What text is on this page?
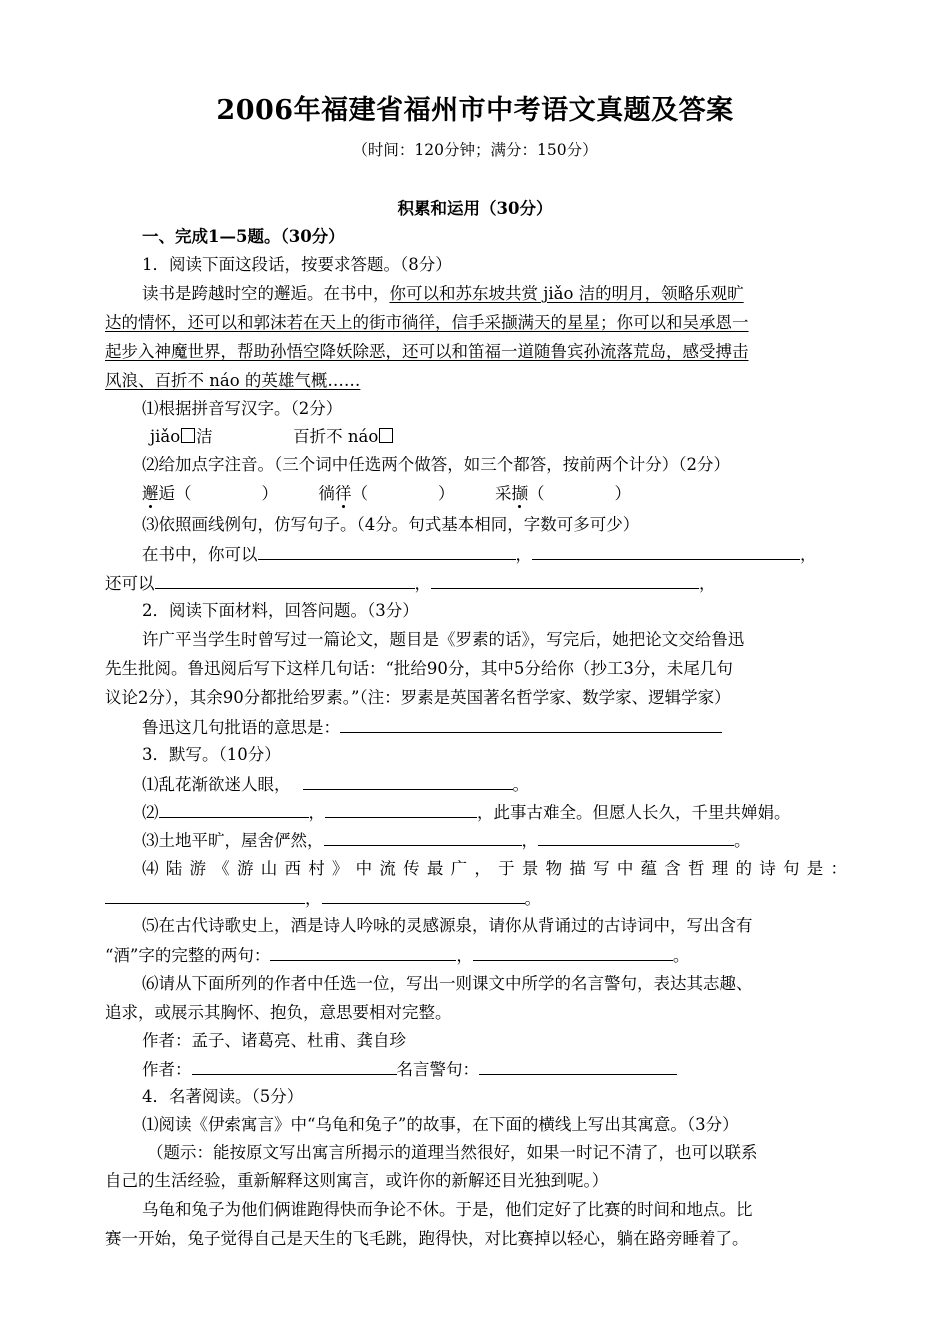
2006年福建省福州市中考语文真题及答案
（时间：120分钟；满分：150分）
积累和运用（30分）
一、完成1—5题。（30分）
1．阅读下面这段话，按要求答题。（8分）
读书是跨越时空的邂逅。在书中，你可以和苏东坡共赏 jiǎo 洁的明月，领略乐观旷
达的情怀，还可以和郭沫若在天上的街市徜徉，信手采撷满天的星星；你可以和吴承恩一
起步入神魔世界，帮助孙悟空降妖除恶，还可以和笛福一道随鲁宾孙流落荒岛，感受搏击
风浪、百折不 náo 的英雄气概……
⑴根据拼音写汉字。（2分）
jiǎo 洁	百折不 náo
⑵给加点字注音。（三个词中任选两个做答，如三个都答，按前两个计分）（2分）
邂逅（	） 徜徉（	） 采撷（	）
⑶依照画线例句，仿写句子。（4分。句式基本相同，字数可多可少）
在书中，你可以	，	，
还可以	，	，
2．阅读下面材料，回答问题。（3分）
许广平当学生时曾写过一篇论文，题目是《罗素的话》，写完后，她把论文交给鲁迅
先生批阅。鲁迅阅后写下这样几句话：“批给90分，其中5分给你（抄工3分，未尾几句
议论2分），其余90分都批给罗素。”（注：罗素是英国著名哲学家、数学家、逻辑学家）
鲁迅这几句批语的意思是：
3．默写。（10分）
⑴乱花渐欲迷人眼，	。
⑵	，	，此事古难全。但愿人长久，千里共婵娟。
⑶土地平旷，屋舍俨然，	，	。
⑷陆游《游山西村》中流传最广，于景物描写中蕴含哲理的诗句是：
，	。
⑸在古代诗歌史上，酒是诗人吟咏的灵感源泉，请你从背诵过的古诗词中，写出含有
“酒”字的完整的两句：	，	。
⑹请从下面所列的作者中任选一位，写出一则课文中所学的名言警句，表达其志趣、
追求，或展示其胸怀、抱负，意思要相对完整。
作者：孟子、诸葛亮、杜甫、龚自珍
作者：	名言警句：
4．名著阅读。（5分）
⑴阅读《伊索寓言》中“乌龟和兔子”的故事，在下面的横线上写出其寓意。（3分）
（题示：能按原文写出寓言所揭示的道理当然很好，如果一时记不清了，也可以联系
自己的生活经验，重新解释这则寓言，或许你的新解还目光独到呢。）
乌龟和兔子为他们俩谁跑得快而争论不休。于是，他们定好了比赛的时间和地点。比
赛一开始，兔子觉得自己是天生的飞毛跳，跑得快，对比赛掉以轻心，躺在路旁睡着了。
